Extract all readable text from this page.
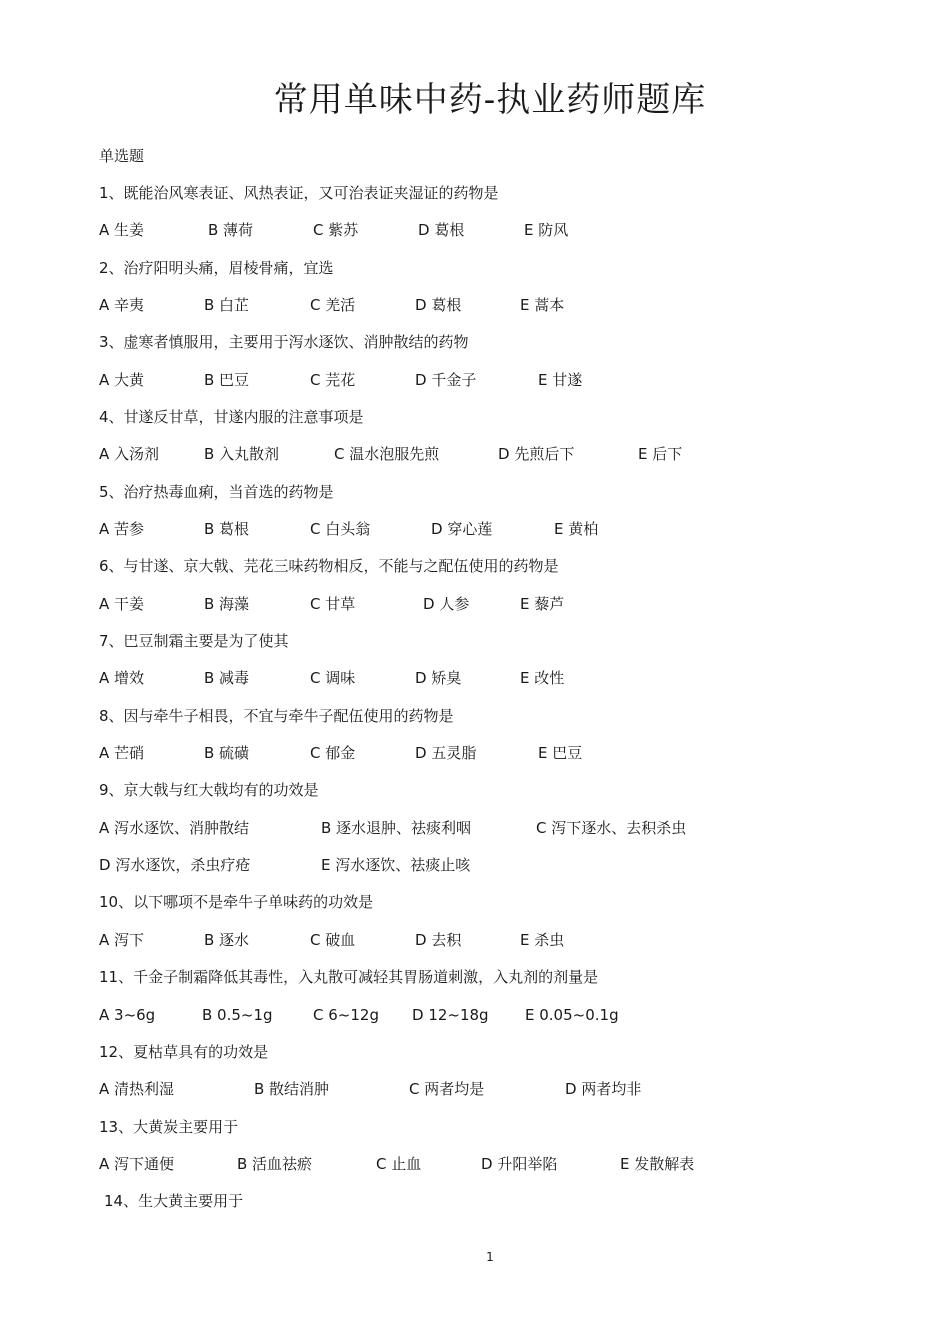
常用单味中药-执业药师题库
单选题
1、既能治风寒表证、风热表证，又可治表证夹湿证的药物是
A 生姜	B 薄荷	C 紫苏	D 葛根	E 防风
2、治疗阳明头痛，眉棱骨痛，宜选
A 辛夷	B 白芷	C 羌活	D 葛根	E 蒿本
3、虚寒者慎服用，主要用于泻水逐饮、消肿散结的药物
A 大黄	B 巴豆	C 芫花	D 千金子	E 甘遂
4、甘遂反甘草，甘遂内服的注意事项是
A 入汤剂	B 入丸散剂	C 温水泡服先煎	D 先煎后下	E 后下
5、治疗热毒血痢，当首选的药物是
A 苦参	B 葛根	C 白头翁	D 穿心莲	E 黄柏
6、与甘遂、京大戟、芫花三味药物相反，不能与之配伍使用的药物是
A 干姜	B 海藻	C 甘草	D 人参	E 藜芦
7、巴豆制霜主要是为了使其
A 增效	B 减毒	C 调味	D 矫臭	E 改性
8、因与牵牛子相畏，不宜与牵牛子配伍使用的药物是
A 芒硝	B 硫磺	C 郁金	D 五灵脂	E 巴豆
9、京大戟与红大戟均有的功效是
A 泻水逐饮、消肿散结	B 逐水退肿、祛痰利咽	C 泻下逐水、去积杀虫
D 泻水逐饮，杀虫疗疮	E 泻水逐饮、祛痰止咳
10、以下哪项不是牵牛子单味药的功效是
A 泻下	B 逐水	C 破血	D 去积	E 杀虫
11、千金子制霜降低其毒性，入丸散可减轻其胃肠道刺激，入丸剂的剂量是
A 3~6g	B 0.5~1g	C 6~12g D 12~18g E 0.05~0.1g
12、夏枯草具有的功效是
A 清热利湿	B 散结消肿	C 两者均是	D 两者均非
13、大黄炭主要用于
A 泻下通便	B 活血祛瘀	C 止血	D 升阳举陷	E 发散解表
14、生大黄主要用于
1
